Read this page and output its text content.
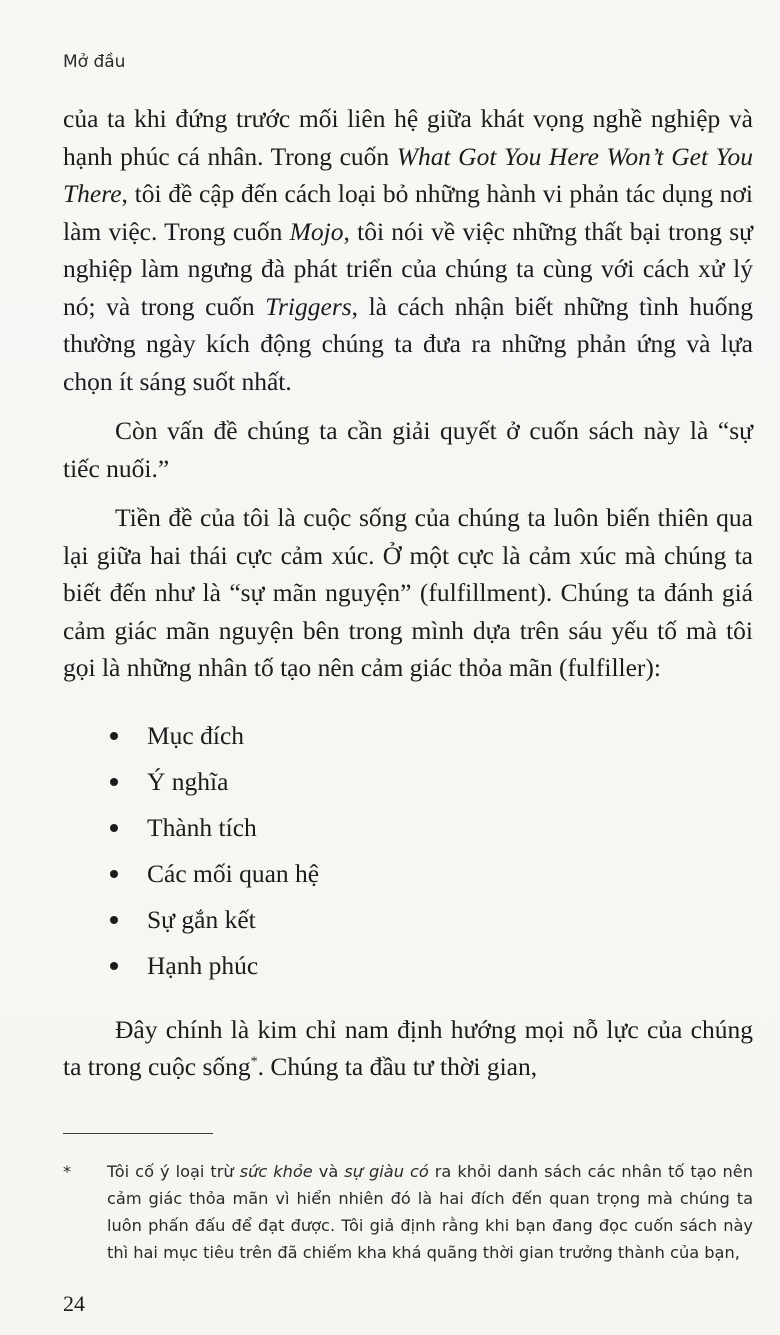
Mở đầu

của ta khi đứng trước mối liên hệ giữa khát vọng nghề nghiệp và hạnh phúc cá nhân. Trong cuốn What Got You Here Won’t Get You There, tôi đề cập đến cách loại bỏ những hành vi phản tác dụng nơi làm việc. Trong cuốn Mojo, tôi nói về việc những thất bại trong sự nghiệp làm ngưng đà phát triển của chúng ta cùng với cách xử lý nó; và trong cuốn Triggers, là cách nhận biết những tình huống thường ngày kích động chúng ta đưa ra những phản ứng và lựa chọn ít sáng suốt nhất.

Còn vấn đề chúng ta cần giải quyết ở cuốn sách này là “sự tiếc nuối.”

Tiền đề của tôi là cuộc sống của chúng ta luôn biến thiên qua lại giữa hai thái cực cảm xúc. Ở một cực là cảm xúc mà chúng ta biết đến như là “sự mãn nguyện” (fulfillment). Chúng ta đánh giá cảm giác mãn nguyện bên trong mình dựa trên sáu yếu tố mà tôi gọi là những nhân tố tạo nên cảm giác thỏa mãn (fulfiller):

Mục đích
Ý nghĩa
Thành tích
Các mối quan hệ
Sự gắn kết
Hạnh phúc

Đây chính là kim chỉ nam định hướng mọi nỗ lực của chúng ta trong cuộc sống*. Chúng ta đầu tư thời gian,

* Tôi cố ý loại trừ sức khỏe và sự giàu có ra khỏi danh sách các nhân tố tạo nên cảm giác thỏa mãn vì hiển nhiên đó là hai đích đến quan trọng mà chúng ta luôn phấn đấu để đạt được. Tôi giả định rằng khi bạn đang đọc cuốn sách này thì hai mục tiêu trên đã chiếm kha khá quãng thời gian trưởng thành của bạn,
24
